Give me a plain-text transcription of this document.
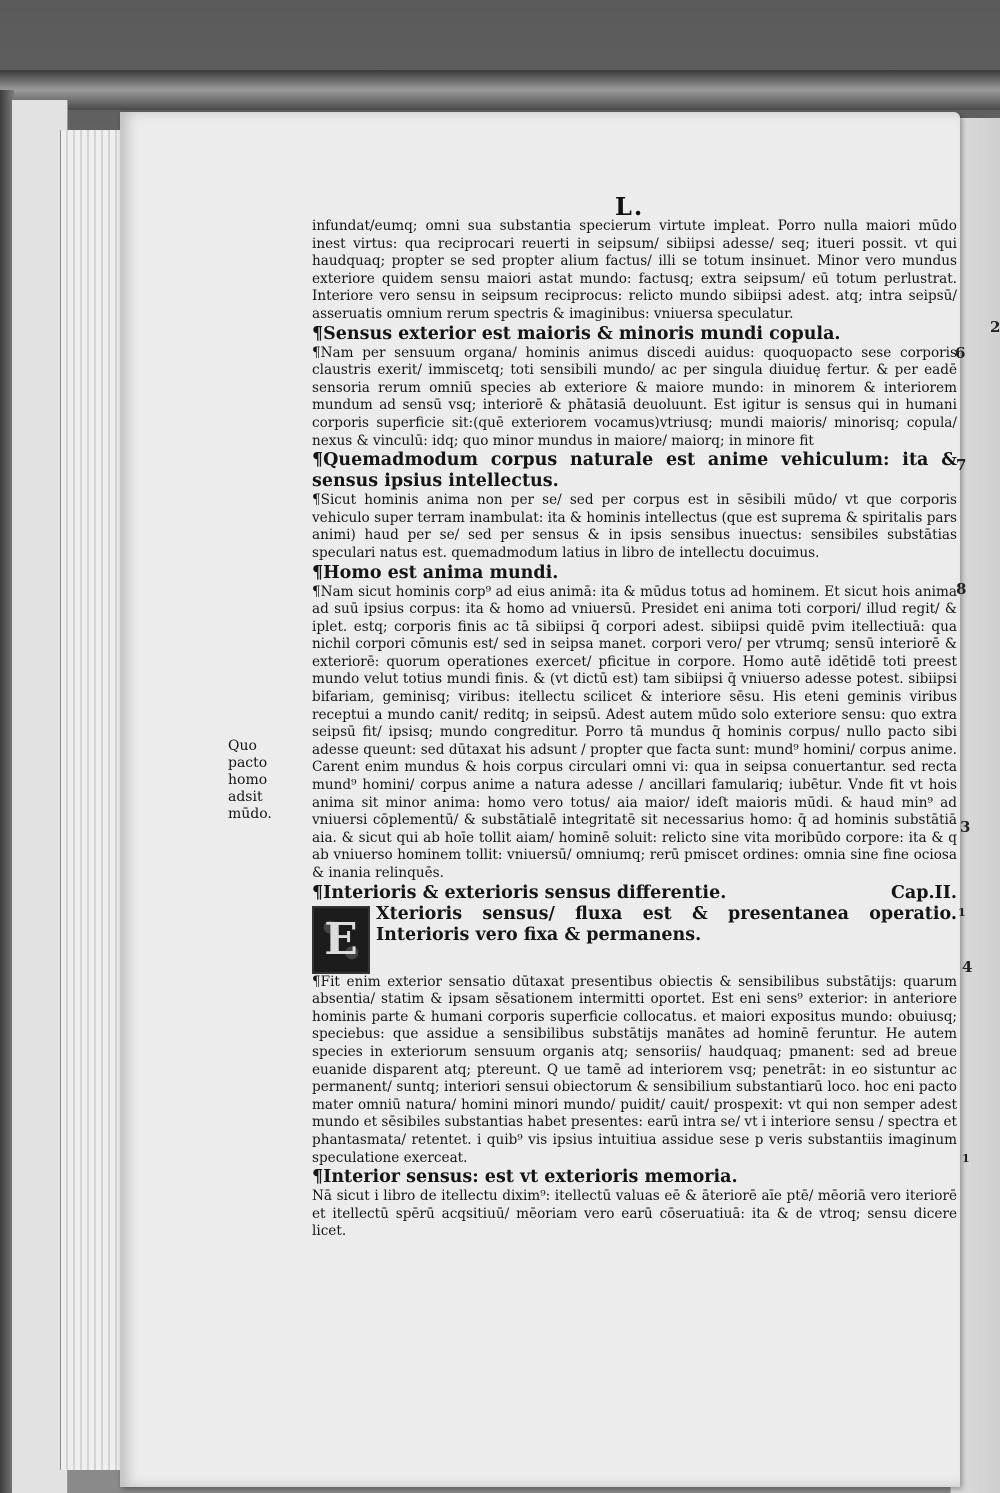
L.
Quo pacto homo adsit mūdo.
6
7
8
3
4
2
1
1

infundat/eumq; omni sua substantia specierum virtute impleat. Porro nulla maiori mūdo inest virtus: qua reciprocari reuerti in seipsum/ sibiipsi adesse/ seq; itueri possit. vt qui haudquaq; propter se sed propter alium factus/ illi se totum insinuet. Minor vero mundus exteriore quidem sensu maiori astat mundo: factusq; extra seipsum/ eū totum perlustrat. Interiore vero sensu in seipsum reciprocus: relicto mundo sibiipsi adest. atq; intra seipsū/ asseruatis omnium rerum spectris & imaginibus: vniuersa speculatur.

¶Sensus exterior est maioris & minoris mundi copula.

¶Nam per sensuum organa/ hominis animus discedi auidus: quoquopacto sese corporis claustris exerit/ immiscetq; toti sensibili mundo/ ac per singula diuiduę fertur. & per eadē sensoria rerum omniū species ab exteriore & maiore mundo: in minorem & interiorem mundum ad sensū vsq; interiorē & phātasiā deuoluunt. Est igitur is sensus qui in humani corporis superficie sit:(quē exteriorem vocamus)vtriusq; mundi maioris/ minorisq; copula/ nexus & vinculū: idq; quo minor mundus in maiore/ maiorq; in minore fit

¶Quemadmodum corpus naturale est anime vehiculum: ita & sensus ipsius intellectus.

¶Sicut hominis anima non per se/ sed per corpus est in sēsibili mūdo/ vt que corporis vehiculo super terram inambulat: ita & hominis intellectus (que est suprema & spiritalis pars animi) haud per se/ sed per sensus & in ipsis sensibus inuectus: sensibiles substātias speculari natus est. quemadmodum latius in libro de intellectu docuimus.

¶Homo est anima mundi.

¶Nam sicut hominis corp⁹ ad eius animā: ita & mūdus totus ad hominem. Et sicut hois anima ad suū ipsius corpus: ita & homo ad vniuersū. Presidet eni anima toti corpori/ illud regit/ & iplet. estq; corporis finis ac tā sibiipsi q̄ corpori adest. sibiipsi quidē pvim itellectiuā: qua nichil corpori cōmunis est/ sed in seipsa manet. corpori vero/ per vtrumq; sensū interiorē & exteriorē: quorum operationes exercet/ pficitue in corpore. Homo autē idētidē toti preest mundo velut totius mundi finis. & (vt dictū est) tam sibiipsi q̄ vniuerso adesse potest. sibiipsi bifariam, geminisq; viribus: itellectu scilicet & interiore sēsu. His eteni geminis viribus receptui a mundo canit/ reditq; in seipsū. Adest autem mūdo solo exteriore sensu: quo extra seipsū fit/ ipsisq; mundo congreditur. Porro tā mundus q̄ hominis corpus/ nullo pacto sibi adesse queunt: sed dūtaxat his adsunt / propter que facta sunt: mund⁹ homini/ corpus anime. Carent enim mundus & hois corpus circulari omni vi: qua in seipsa conuertantur. sed recta mund⁹ homini/ corpus anime a natura adesse / ancillari famulariq; iubētur. Vnde fit vt hois anima sit minor anima: homo vero totus/ aia maior/ ideſt maioris mūdi. & haud min⁹ ad vniuersi cōplementū/ & substātialē integritatē sit necessarius homo: q̄ ad hominis substātiā aia. & sicut qui ab hoīe tollit aiam/ hominē soluit: relicto sine vita moribūdo corpore: ita & q ab vniuerso hominem tollit: vniuersū/ omniumq; rerū pmiscet ordines: omnia sine fine ociosa & inania relinquēs.

¶Interioris & exterioris sensus differentie.	Cap.II.
E	Xterioris sensus/ fluxa est & presentanea operatio. Interioris vero fixa & permanens.

¶Fit enim exterior sensatio dūtaxat presentibus obiectis & sensibilibus substātijs: quarum absentia/ statim & ipsam sēsationem intermitti oportet. Est eni sens⁹ exterior: in anteriore hominis parte & humani corporis superficie collocatus. et maiori expositus mundo: obuiusq; speciebus: que assidue a sensibilibus substātijs manātes ad hominē feruntur. He autem species in exteriorum sensuum organis atq; sensoriis/ haudquaq; pmanent: sed ad breue euanide disparent atq; ptereunt. Q ue tamē ad interiorem vsq; penetrāt: in eo sistuntur ac permanent/ suntq; interiori sensui obiectorum & sensibilium substantiarū loco. hoc eni pacto mater omniū natura/ homini minori mundo/ puidit/ cauit/ prospexit: vt qui non semper adest mundo et sēsibiles substantias habet presentes: earū intra se/ vt i interiore sensu / spectra et phantasmata/ retentet. i quib⁹ vis ipsius intuitiua assidue sese p veris substantiis imaginum speculatione exerceat.

¶Interior sensus: est vt exterioris memoria.

Nā sicut i libro de itellectu dixim⁹: itellectū valuas eē & āteriorē aīe ptē/ mēoriā vero iteriorē et itellectū spērū acqsitiuū/ mēoriam vero earū cōseruatiuā: ita & de vtroq; sensu dicere licet.
